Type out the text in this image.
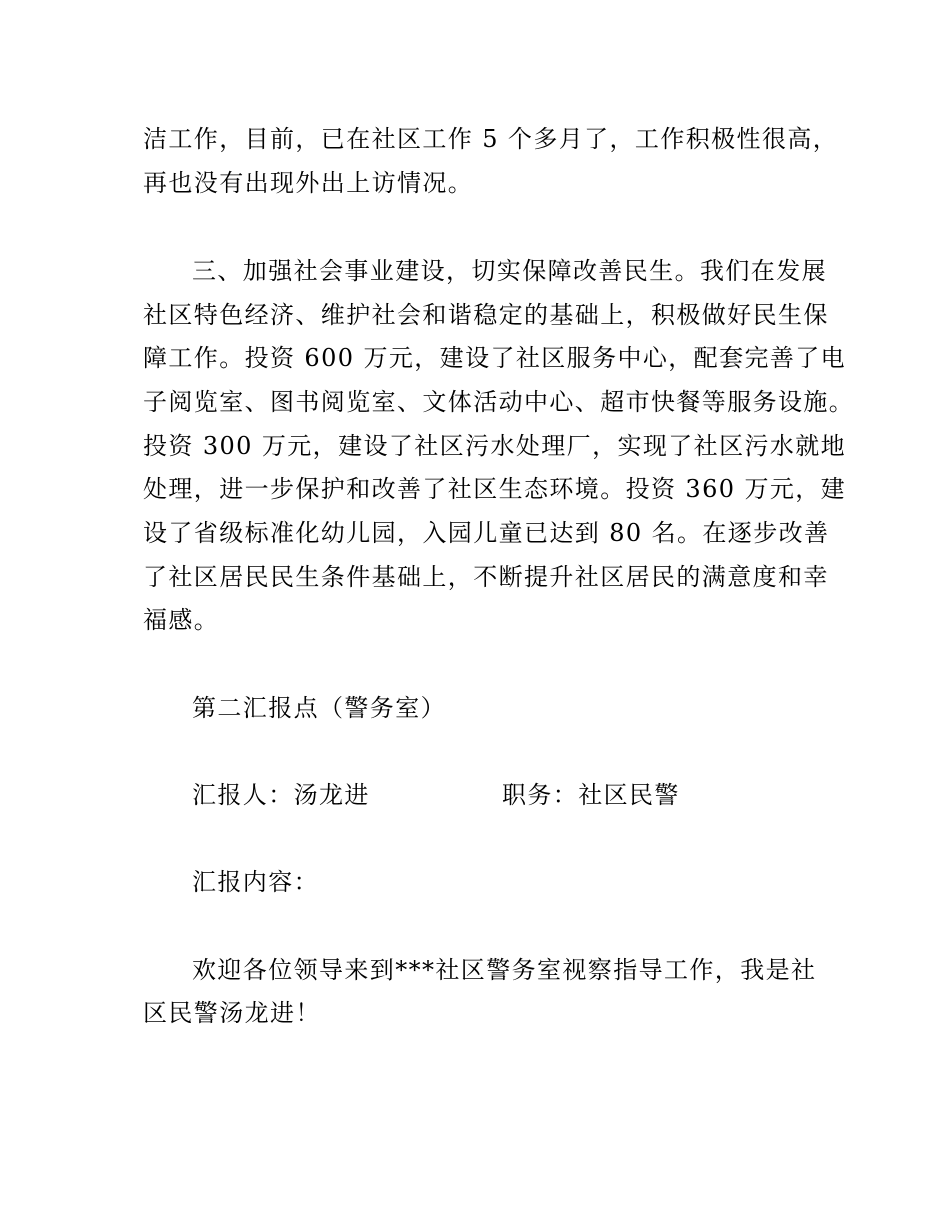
洁工作，目前，已在社区工作 5 个多月了，工作积极性很高，
再也没有出现外出上访情况。
三、加强社会事业建设，切实保障改善民生。我们在发展
社区特色经济、维护社会和谐稳定的基础上，积极做好民生保
障工作。投资 600 万元，建设了社区服务中心，配套完善了电
子阅览室、图书阅览室、文体活动中心、超市快餐等服务设施。
投资 300 万元，建设了社区污水处理厂，实现了社区污水就地
处理，进一步保护和改善了社区生态环境。投资 360 万元，建
设了省级标准化幼儿园，入园儿童已达到 80 名。在逐步改善
了社区居民民生条件基础上，不断提升社区居民的满意度和幸
福感。
第二汇报点（警务室）
汇报人：汤龙进	职务：社区民警
汇报内容：
欢迎各位领导来到***社区警务室视察指导工作，我是社
区民警汤龙进！
